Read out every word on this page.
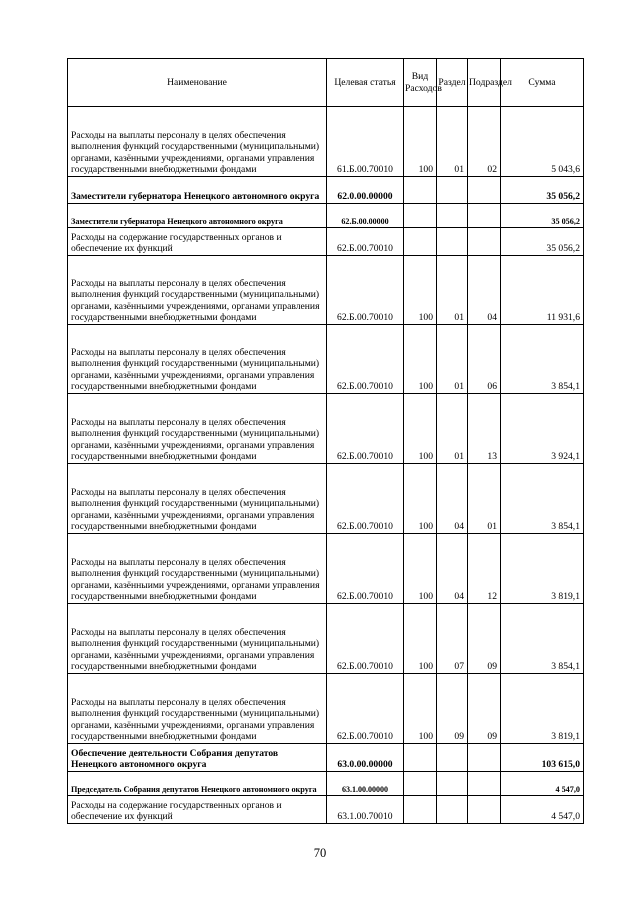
Наименование	Целевая статья	Вид Расходов	Раздел	Подраздел	Сумма
Расходы на выплаты персоналу в целях обеспечения выполнения функций государственными (муниципальными) органами, казёнными учреждениями, органами управления государственными внебюджетными фондами	61.Б.00.70010	100	01	02	5 043,6
Заместители губернатора Ненецкого автономного округа	62.0.00.00000				35 056,2
Заместители губернатора Ненецкого автономного округа	62.Б.00.00000				35 056,2
Расходы на содержание государственных органов и обеспечение их функций	62.Б.00.70010				35 056,2
Расходы на выплаты персоналу в целях обеспечения выполнения функций государственными (муниципальными) органами, казённыими учреждениями, органами управления государственными внебюджетными фондами	62.Б.00.70010	100	01	04	11 931,6
Расходы на выплаты персоналу в целях обеспечения выполнения функций государственными (муниципальными) органами, казёнными учреждениями, органами управления государственными внебюджетными фондами	62.Б.00.70010	100	01	06	3 854,1
Расходы на выплаты персоналу в целях обеспечения выполнения функций государственными (муниципальными) органами, казёнными учреждениями, органами управления государственными внебюджетными фондами	62.Б.00.70010	100	01	13	3 924,1
Расходы на выплаты персоналу в целях обеспечения выполнения функций государственными (муниципальными) органами, казёнными учреждениями, органами управления государственными внебюджетными фондами	62.Б.00.70010	100	04	01	3 854,1
Расходы на выплаты персоналу в целях обеспечения выполнения функций государственными (муниципальными) органами, казённыими учреждениями, органами управления государственными внебюджетными фондами	62.Б.00.70010	100	04	12	3 819,1
Расходы на выплаты персоналу в целях обеспечения выполнения функций государственными (муниципальными) органами, казёнными учреждениями, органами управления государственными внебюджетными фондами	62.Б.00.70010	100	07	09	3 854,1
Расходы на выплаты персоналу в целях обеспечения выполнения функций государственными (муниципальными) органами, казёнными учреждениями, органами управления государственными внебюджетными фондами	62.Б.00.70010	100	09	09	3 819,1
Обеспечение деятельности Собрания депутатов Ненецкого автономного округа	63.0.00.00000				103 615,0
Председатель Собрания депутатов Ненецкого автономного округа	63.1.00.00000				4 547,0
Расходы на содержание государственных органов и обеспечение их функций	63.1.00.70010				4 547,0
70
